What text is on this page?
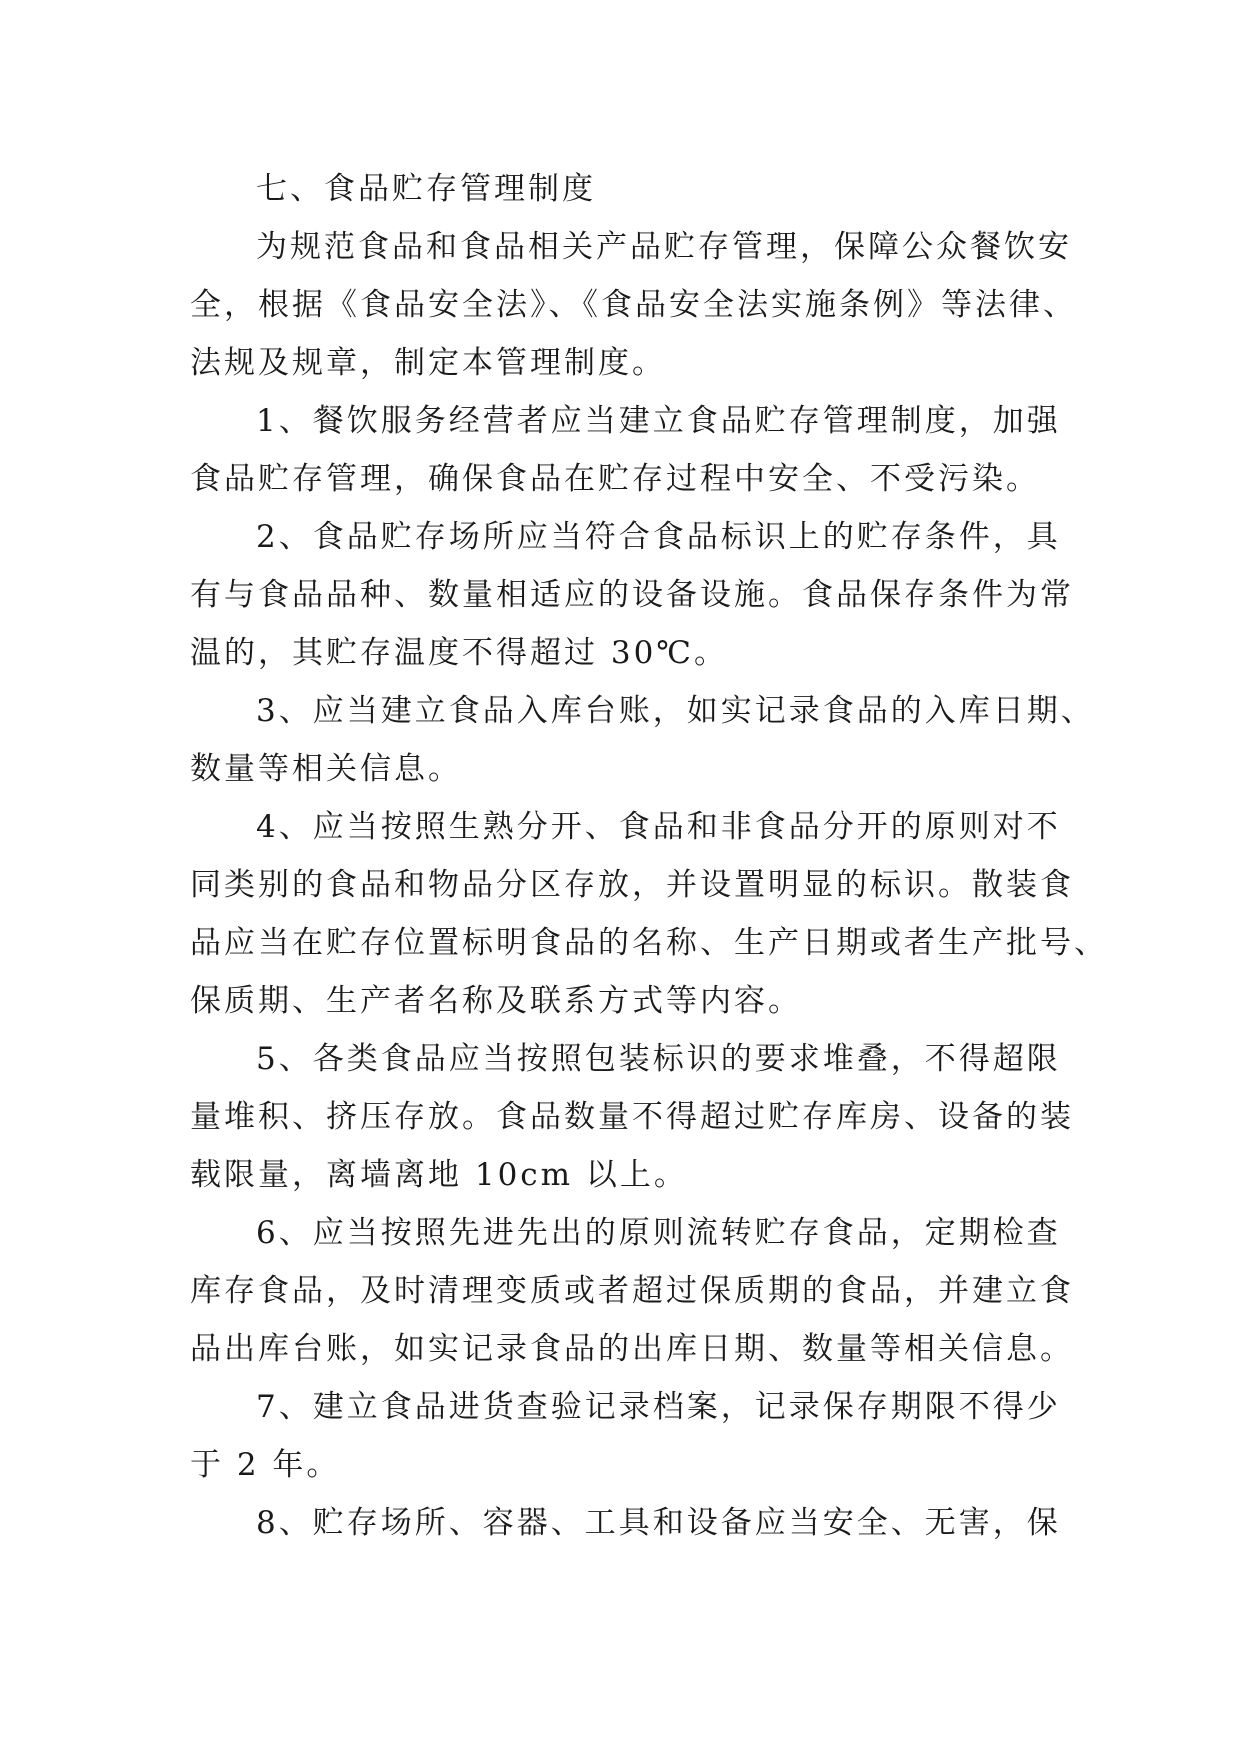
七、食品贮存管理制度
为规范食品和食品相关产品贮存管理，保障公众餐饮安
全，根据《食品安全法》、《食品安全法实施条例》等法律、
法规及规章，制定本管理制度。
1、餐饮服务经营者应当建立食品贮存管理制度，加强
食品贮存管理，确保食品在贮存过程中安全、不受污染。
2、食品贮存场所应当符合食品标识上的贮存条件，具
有与食品品种、数量相适应的设备设施。食品保存条件为常
温的，其贮存温度不得超过 30℃。
3、应当建立食品入库台账，如实记录食品的入库日期、
数量等相关信息。
4、应当按照生熟分开、食品和非食品分开的原则对不
同类别的食品和物品分区存放，并设置明显的标识。散装食
品应当在贮存位置标明食品的名称、生产日期或者生产批号、
保质期、生产者名称及联系方式等内容。
5、各类食品应当按照包装标识的要求堆叠，不得超限
量堆积、挤压存放。食品数量不得超过贮存库房、设备的装
载限量，离墙离地 10cm 以上。
6、应当按照先进先出的原则流转贮存食品，定期检查
库存食品，及时清理变质或者超过保质期的食品，并建立食
品出库台账，如实记录食品的出库日期、数量等相关信息。
7、建立食品进货查验记录档案，记录保存期限不得少
于 2 年。
8、贮存场所、容器、工具和设备应当安全、无害，保
